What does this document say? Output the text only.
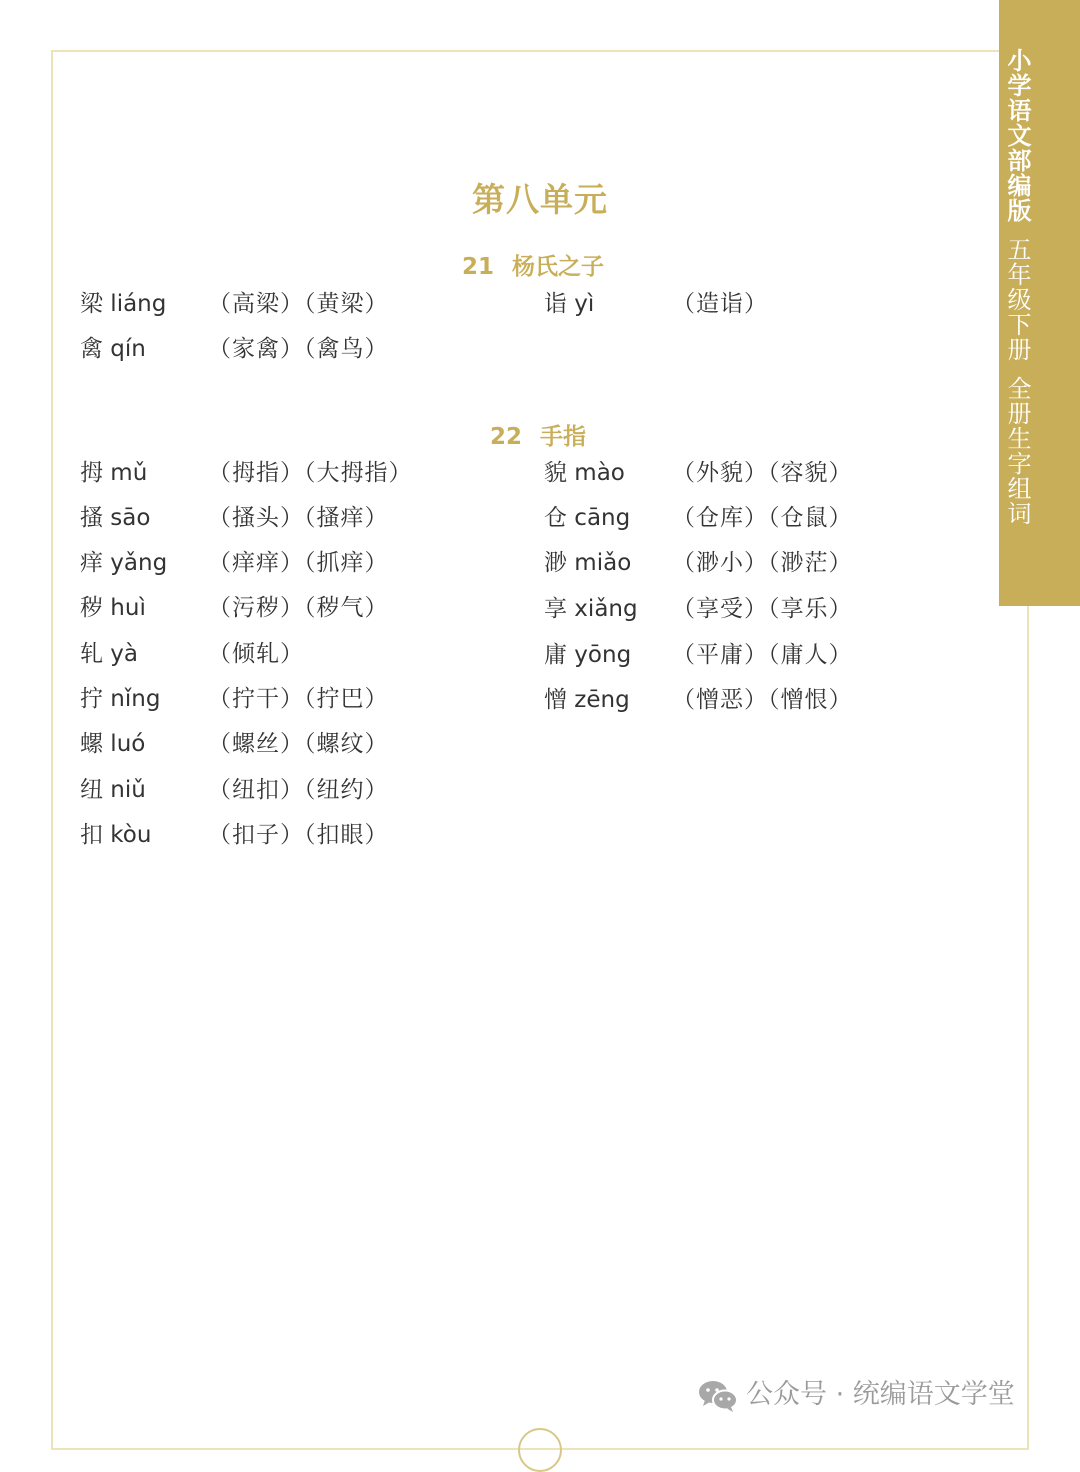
小学语文部编版五年级下册全册生字组词
第八单元
21 杨氏之子
梁 liáng （高梁）（黄梁）
禽 qín	（家禽）（禽鸟）
诣 yì	（造诣）
22 手指
拇 mǔ	（拇指）（大拇指）
搔 sāo	（搔头）（搔痒）
痒 yǎng （痒痒）（抓痒）
秽 huì	（污秽）（秽气）
轧 yà	（倾轧）
拧 nǐng （拧干）（拧巴）
螺 luó	（螺丝）（螺纹）
纽 niǔ	（纽扣）（纽约）
扣 kòu （扣子）（扣眼）
貌 mào （外貌）（容貌）
仓 cāng （仓库）（仓鼠）
渺 miǎo （渺小）（渺茫）
享 xiǎng （享受）（享乐）
庸 yōng （平庸）（庸人）
憎 zēng （憎恶）（憎恨）
公众号 · 统编语文学堂
